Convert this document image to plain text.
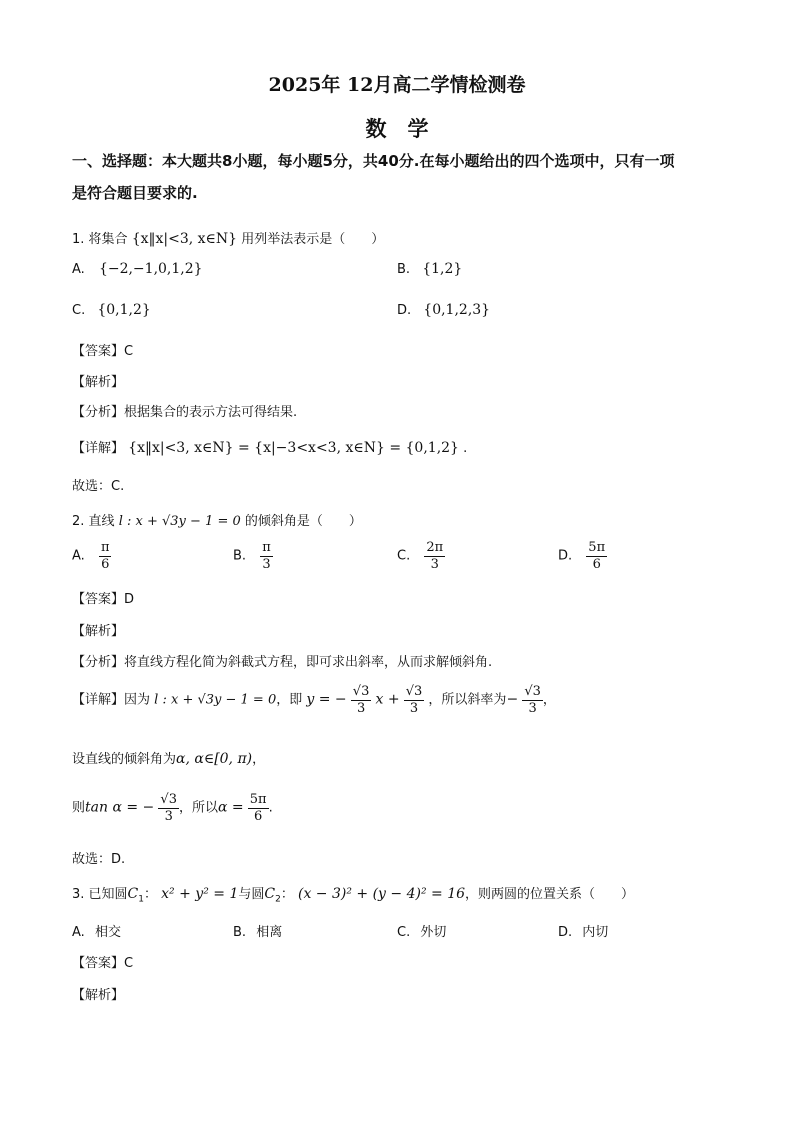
2025年 12月高二学情检测卷
数　学
一、选择题：本大题共8小题，每小题5分，共40分.在每小题给出的四个选项中，只有一项
是符合题目要求的.
1. 将集合 {x‖x|<3, x∈N} 用列举法表示是（　　）
A. {−2,−1,0,1,2}	B. {1,2}
C. {0,1,2}	D. {0,1,2,3}
【答案】C
【解析】
【分析】根据集合的表示方法可得结果.
【详解】 {x‖x|<3, x∈N} = {x|−3<x<3, x∈N} = {0,1,2} .
故选：C.
2. 直线 l : x + √3y − 1 = 0 的倾斜角是（　　）
A. $\frac{\pi}{6}$	B. $\frac{\pi}{3}$	C. $\frac{2\pi}{3}$	D. $\frac{5\pi}{6}$
【答案】D
【解析】
【分析】将直线方程化简为斜截式方程，即可求出斜率，从而求解倾斜角.
【详解】因为 l : x + √3y − 1 = 0，即 y = − $\frac{√3}{3}$ $x + \frac{√3}{3}$ ，所以斜率为− $\frac{√3}{3}$ ，
设直线的倾斜角为α, α∈[0, π)，
则tan α = − $\frac{√3}{3}$ ，所以$\alpha = \frac{5\pi}{6}$ .
故选：D.
3. 已知圆$C_1$： x² + y² = 1与圆$C_2$： (x − 3)² + (y − 4)² = 16，则两圆的位置关系（　　）
A. 相交	B. 相离	C. 外切	D. 内切
【答案】C
【解析】
